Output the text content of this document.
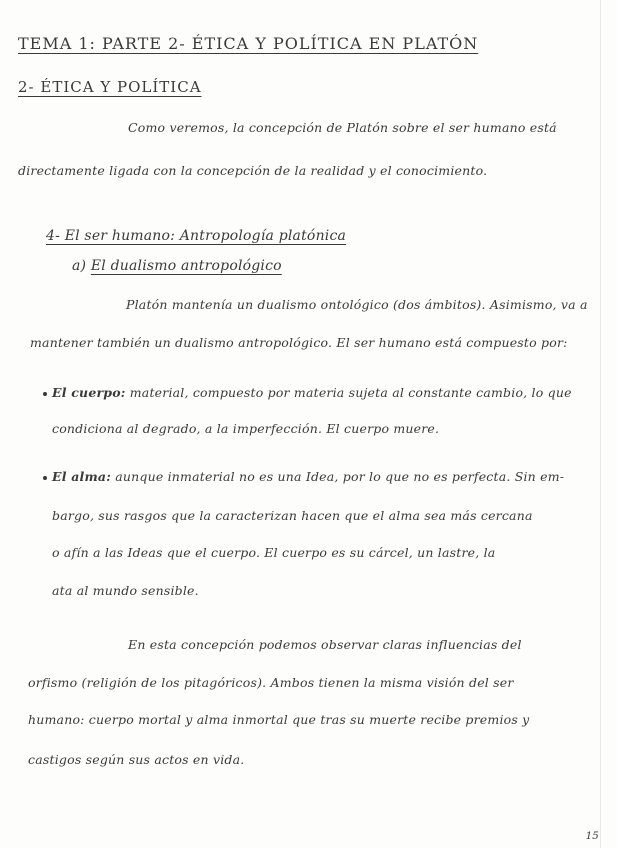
TEMA 1: PARTE 2- ÉTICA Y POLÍTICA EN PLATÓN
2- ÉTICA Y POLÍTICA
Como veremos, la concepción de Platón sobre el ser humano está
directamente ligada con la concepción de la realidad y el conocimiento.
4- El ser humano: Antropología platónica
a) El dualismo antropológico
Platón mantenía un dualismo ontológico (dos ámbitos). Asimismo, va a
mantener también un dualismo antropológico. El ser humano está compuesto por:
El cuerpo: material, compuesto por materia sujeta al constante cambio, lo que
condiciona al degrado, a la imperfección. El cuerpo muere.
El alma: aunque inmaterial no es una Idea, por lo que no es perfecta. Sin em-
bargo, sus rasgos que la caracterizan hacen que el alma sea más cercana
o afín a las Ideas que el cuerpo. El cuerpo es su cárcel, un lastre, la
ata al mundo sensible.
En esta concepción podemos observar claras influencias del
orfismo (religión de los pitagóricos). Ambos tienen la misma visión del ser
humano: cuerpo mortal y alma inmortal que tras su muerte recibe premios y
castigos según sus actos en vida.
15
